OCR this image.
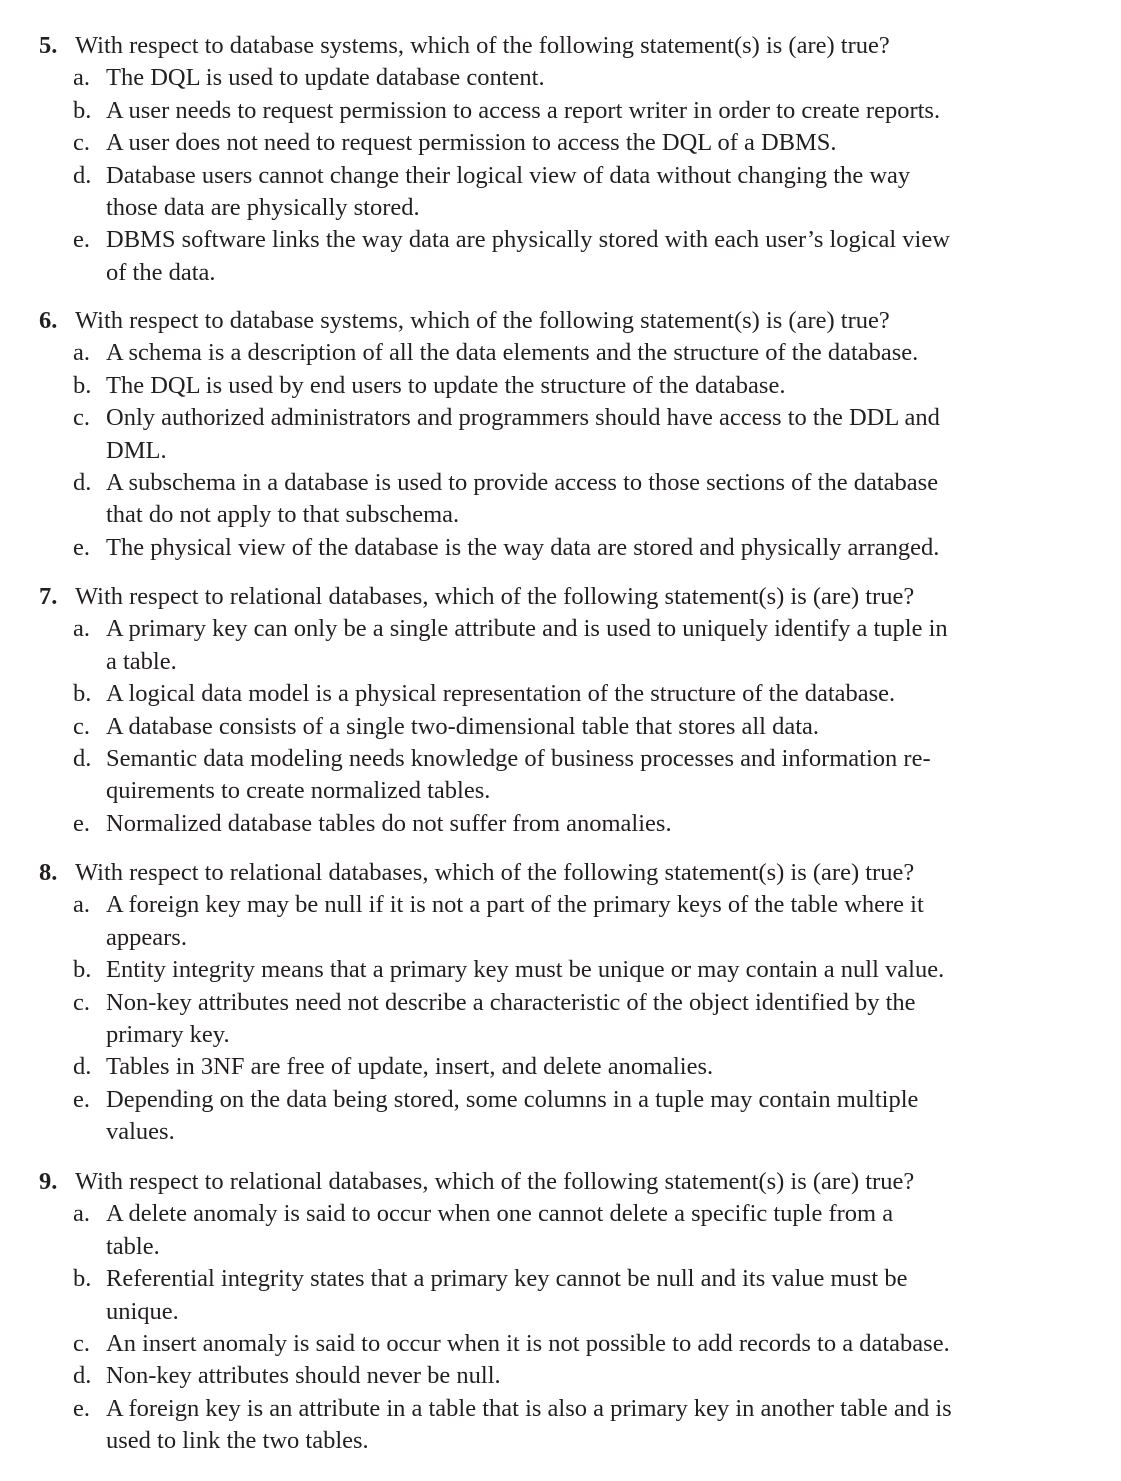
5. With respect to database systems, which of the following statement(s) is (are) true?
a. The DQL is used to update database content.
b. A user needs to request permission to access a report writer in order to create reports.
c. A user does not need to request permission to access the DQL of a DBMS.
d. Database users cannot change their logical view of data without changing the way
those data are physically stored.
e. DBMS software links the way data are physically stored with each user’s logical view
of the data.
6. With respect to database systems, which of the following statement(s) is (are) true?
a. A schema is a description of all the data elements and the structure of the database.
b. The DQL is used by end users to update the structure of the database.
c. Only authorized administrators and programmers should have access to the DDL and
DML.
d. A subschema in a database is used to provide access to those sections of the database
that do not apply to that subschema.
e. The physical view of the database is the way data are stored and physically arranged.
7. With respect to relational databases, which of the following statement(s) is (are) true?
a. A primary key can only be a single attribute and is used to uniquely identify a tuple in
a table.
b. A logical data model is a physical representation of the structure of the database.
c. A database consists of a single two-dimensional table that stores all data.
d. Semantic data modeling needs knowledge of business processes and information re-
quirements to create normalized tables.
e. Normalized database tables do not suffer from anomalies.
8. With respect to relational databases, which of the following statement(s) is (are) true?
a. A foreign key may be null if it is not a part of the primary keys of the table where it
appears.
b. Entity integrity means that a primary key must be unique or may contain a null value.
c. Non-key attributes need not describe a characteristic of the object identified by the
primary key.
d. Tables in 3NF are free of update, insert, and delete anomalies.
e. Depending on the data being stored, some columns in a tuple may contain multiple
values.
9. With respect to relational databases, which of the following statement(s) is (are) true?
a. A delete anomaly is said to occur when one cannot delete a specific tuple from a
table.
b. Referential integrity states that a primary key cannot be null and its value must be
unique.
c. An insert anomaly is said to occur when it is not possible to add records to a database.
d. Non-key attributes should never be null.
e. A foreign key is an attribute in a table that is also a primary key in another table and is
used to link the two tables.
